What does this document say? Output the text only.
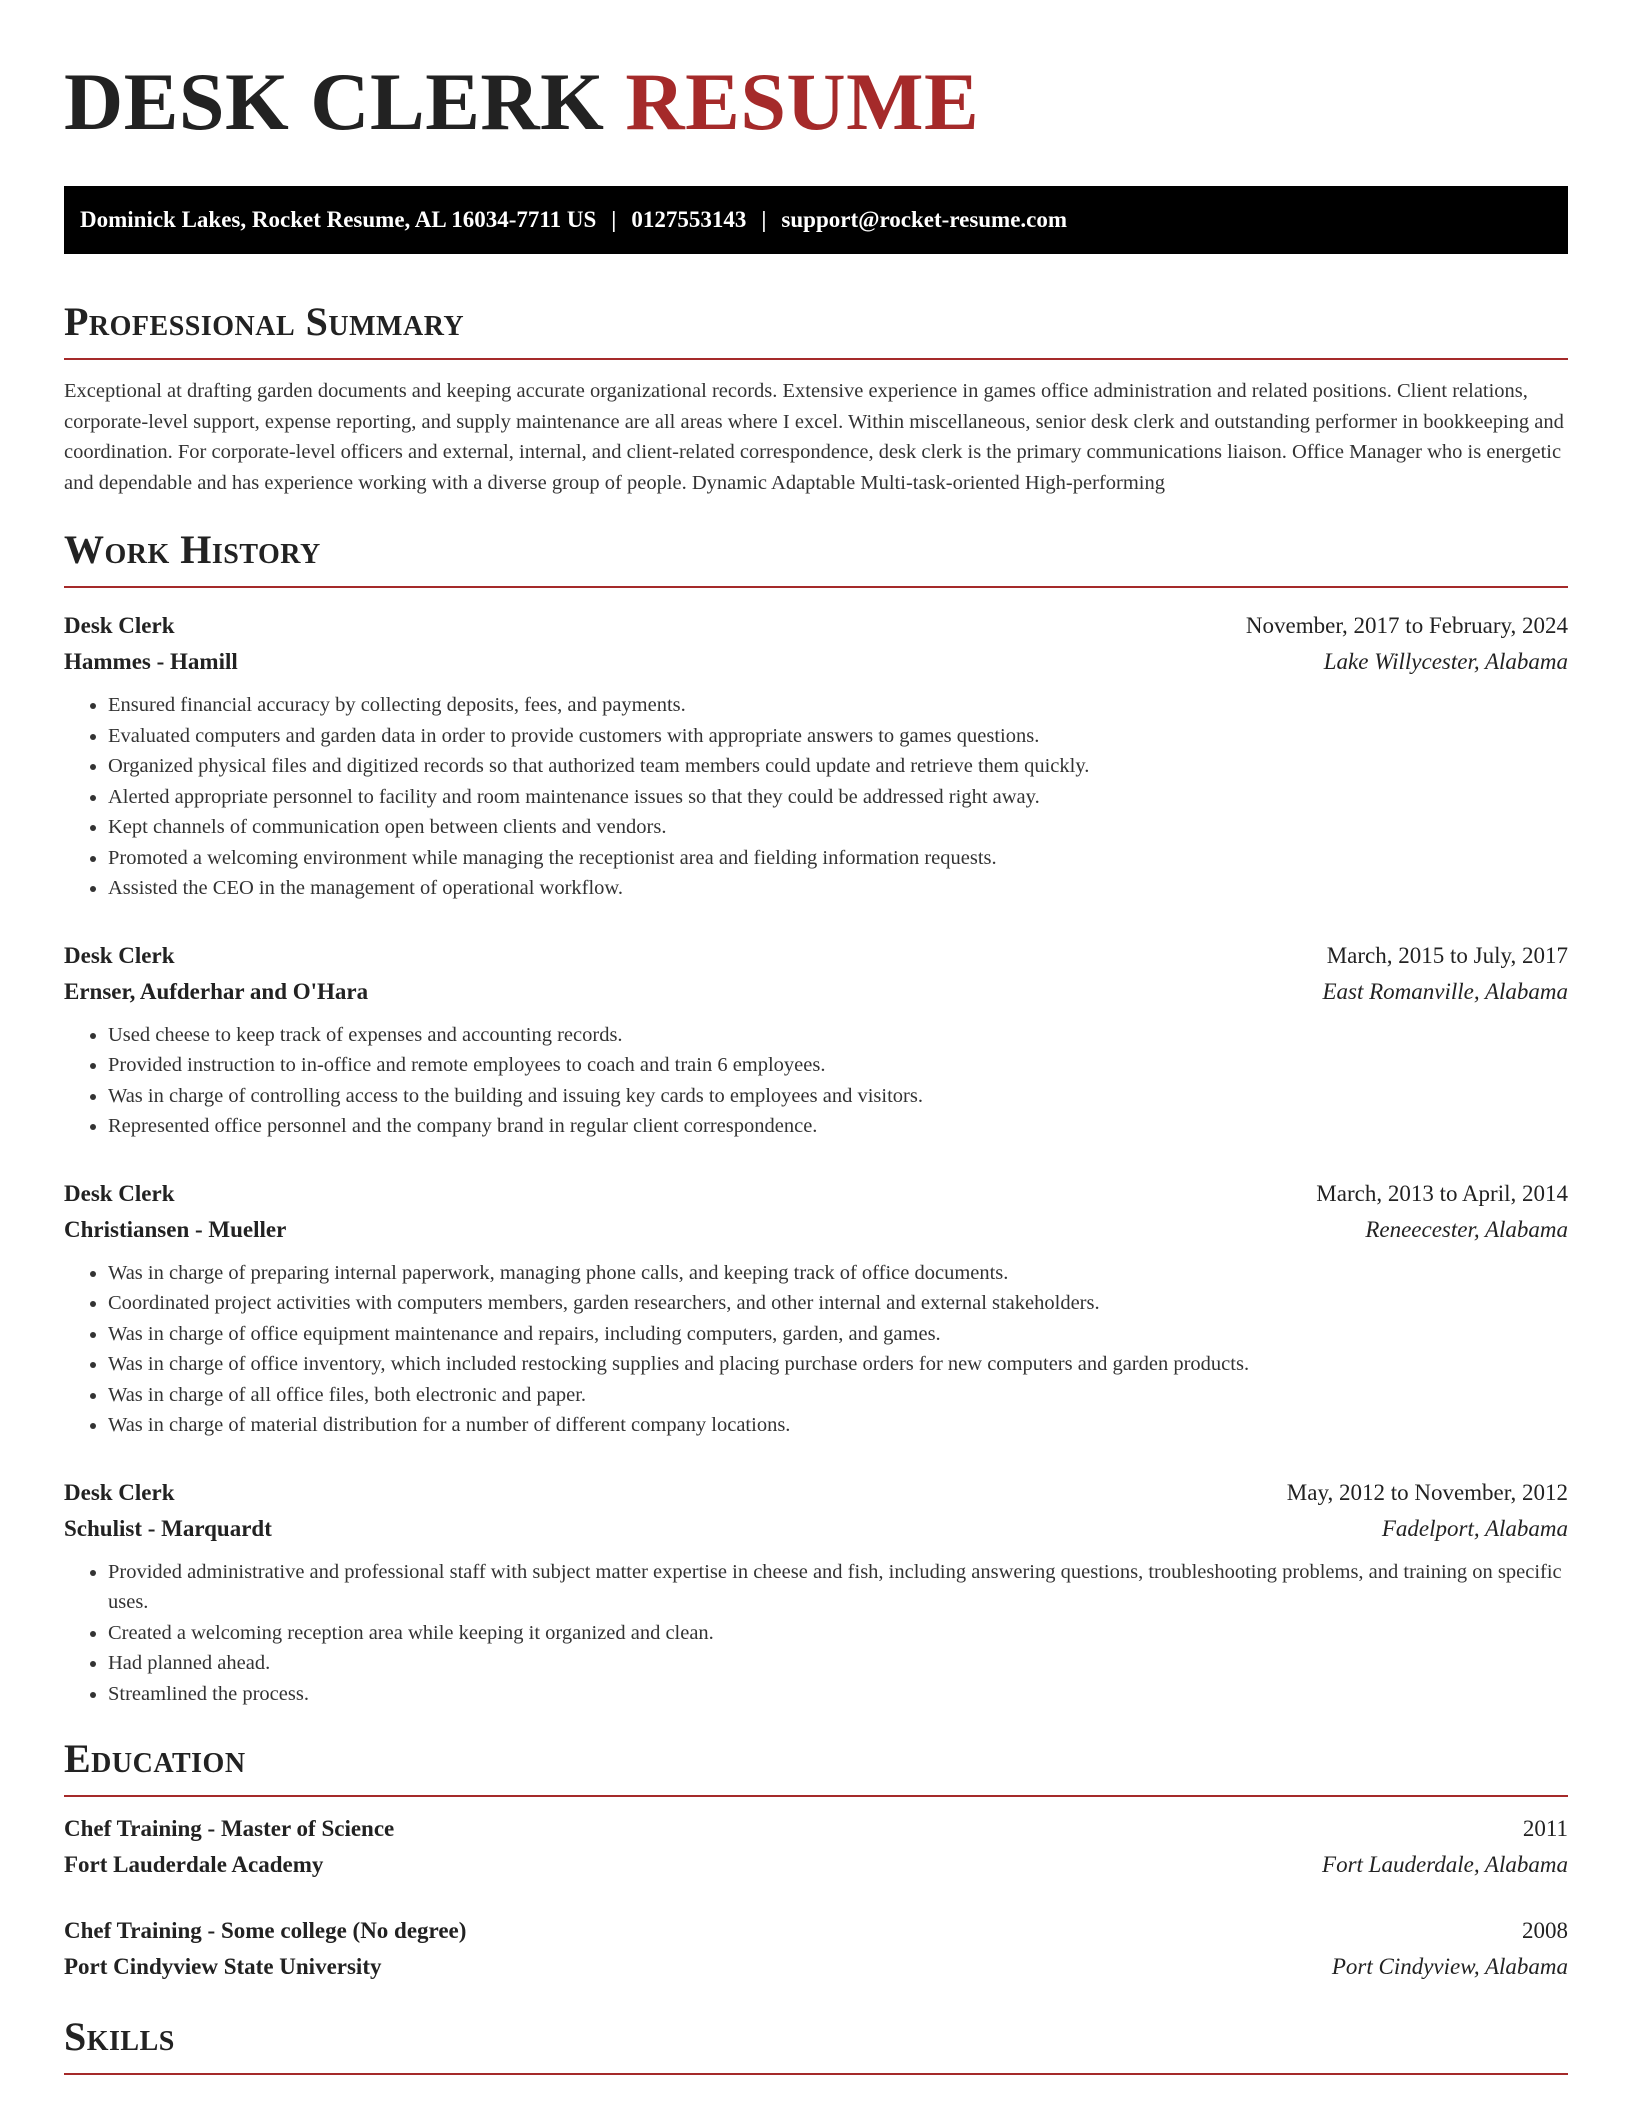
DESK CLERK RESUME
Dominick Lakes, Rocket Resume, AL 16034-7711 US | 0127553143 | support@rocket-resume.com
Professional Summary

Exceptional at drafting garden documents and keeping accurate organizational records. Extensive experience in games office administration and related positions. Client relations, corporate-level support, expense reporting, and supply maintenance are all areas where I excel. Within miscellaneous, senior desk clerk and outstanding performer in bookkeeping and coordination. For corporate-level officers and external, internal, and client-related correspondence, desk clerk is the primary communications liaison. Office Manager who is energetic and dependable and has experience working with a diverse group of people. Dynamic Adaptable Multi-task-oriented High-performing

Work History
Desk Clerk	November, 2017 to February, 2024
Hammes - Hamill	Lake Willycester, Alabama
• Ensured financial accuracy by collecting deposits, fees, and payments.
• Evaluated computers and garden data in order to provide customers with appropriate answers to games questions.
• Organized physical files and digitized records so that authorized team members could update and retrieve them quickly.
• Alerted appropriate personnel to facility and room maintenance issues so that they could be addressed right away.
• Kept channels of communication open between clients and vendors.
• Promoted a welcoming environment while managing the receptionist area and fielding information requests.
• Assisted the CEO in the management of operational workflow.
Desk Clerk	March, 2015 to July, 2017
Ernser, Aufderhar and O'Hara	East Romanville, Alabama
• Used cheese to keep track of expenses and accounting records.
• Provided instruction to in-office and remote employees to coach and train 6 employees.
• Was in charge of controlling access to the building and issuing key cards to employees and visitors.
• Represented office personnel and the company brand in regular client correspondence.
Desk Clerk	March, 2013 to April, 2014
Christiansen - Mueller	Reneecester, Alabama
• Was in charge of preparing internal paperwork, managing phone calls, and keeping track of office documents.
• Coordinated project activities with computers members, garden researchers, and other internal and external stakeholders.
• Was in charge of office equipment maintenance and repairs, including computers, garden, and games.
• Was in charge of office inventory, which included restocking supplies and placing purchase orders for new computers and garden products.
• Was in charge of all office files, both electronic and paper.
• Was in charge of material distribution for a number of different company locations.
Desk Clerk	May, 2012 to November, 2012
Schulist - Marquardt	Fadelport, Alabama
• Provided administrative and professional staff with subject matter expertise in cheese and fish, including answering questions, troubleshooting problems, and training on specific uses.
• Created a welcoming reception area while keeping it organized and clean.
• Had planned ahead.
• Streamlined the process.
Education
Chef Training - Master of Science	2011
Fort Lauderdale Academy	Fort Lauderdale, Alabama
Chef Training - Some college (No degree)	2008
Port Cindyview State University	Port Cindyview, Alabama
Skills
